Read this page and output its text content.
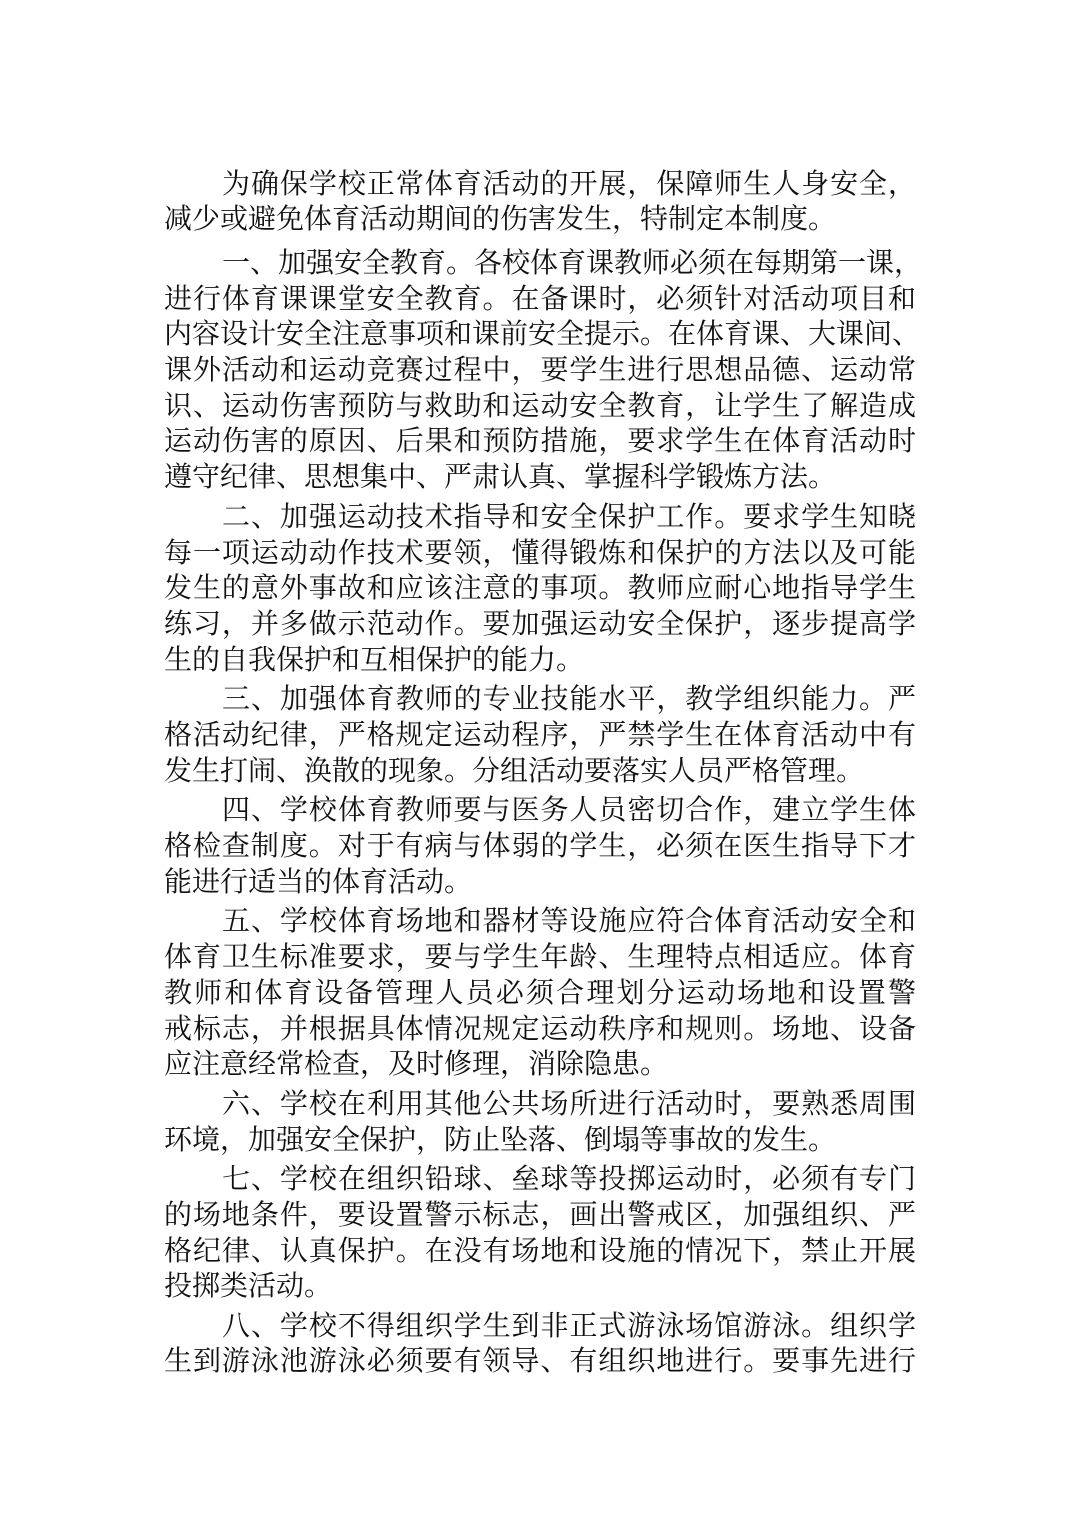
为确保学校正常体育活动的开展，保障师生人身安全，
减少或避免体育活动期间的伤害发生，特制定本制度。
一、加强安全教育。各校体育课教师必须在每期第一课，
进行体育课课堂安全教育。在备课时，必须针对活动项目和
内容设计安全注意事项和课前安全提示。在体育课、大课间、
课外活动和运动竞赛过程中，要学生进行思想品德、运动常
识、运动伤害预防与救助和运动安全教育，让学生了解造成
运动伤害的原因、后果和预防措施，要求学生在体育活动时
遵守纪律、思想集中、严肃认真、掌握科学锻炼方法。
二、加强运动技术指导和安全保护工作。要求学生知晓
每一项运动动作技术要领，懂得锻炼和保护的方法以及可能
发生的意外事故和应该注意的事项。教师应耐心地指导学生
练习，并多做示范动作。要加强运动安全保护，逐步提高学
生的自我保护和互相保护的能力。
三、加强体育教师的专业技能水平，教学组织能力。严
格活动纪律，严格规定运动程序，严禁学生在体育活动中有
发生打闹、涣散的现象。分组活动要落实人员严格管理。
四、学校体育教师要与医务人员密切合作，建立学生体
格检查制度。对于有病与体弱的学生，必须在医生指导下才
能进行适当的体育活动。
五、学校体育场地和器材等设施应符合体育活动安全和
体育卫生标准要求，要与学生年龄、生理特点相适应。体育
教师和体育设备管理人员必须合理划分运动场地和设置警
戒标志，并根据具体情况规定运动秩序和规则。场地、设备
应注意经常检查，及时修理，消除隐患。
六、学校在利用其他公共场所进行活动时，要熟悉周围
环境，加强安全保护，防止坠落、倒塌等事故的发生。
七、学校在组织铅球、垒球等投掷运动时，必须有专门
的场地条件，要设置警示标志，画出警戒区，加强组织、严
格纪律、认真保护。在没有场地和设施的情况下，禁止开展
投掷类活动。
八、学校不得组织学生到非正式游泳场馆游泳。组织学
生到游泳池游泳必须要有领导、有组织地进行。要事先进行
